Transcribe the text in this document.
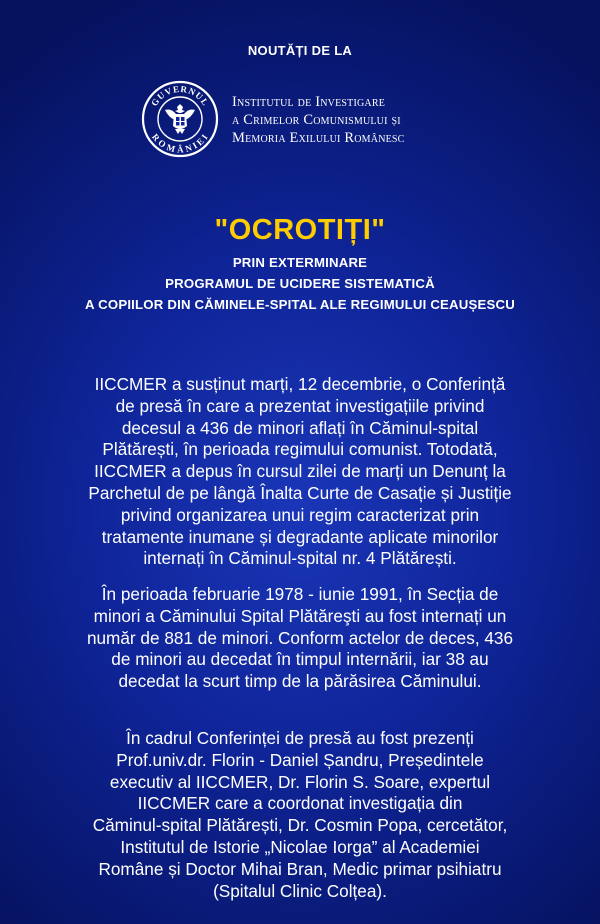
NOUTĂȚI DE LA
GUVERNUL
ROMÂNIEI
Institutul de Investigare
a Crimelor Comunismului și
Memoria Exilului Românesc
"OCROTIȚI"
PRIN EXTERMINARE
PROGRAMUL DE UCIDERE SISTEMATICĂ
A COPIILOR DIN CĂMINELE-SPITAL ALE REGIMULUI CEAUȘESCU
IICCMER a susținut marți, 12 decembrie, o Conferință
de presă în care a prezentat investigațiile privind
decesul a 436 de minori aflați în Căminul-spital
Plătărești, în perioada regimului comunist. Totodată,
IICCMER a depus în cursul zilei de marți un Denunț la
Parchetul de pe lângă Înalta Curte de Casație și Justiție
privind organizarea unui regim caracterizat prin
tratamente inumane și degradante aplicate minorilor
internați în Căminul-spital nr. 4 Plătărești.
În perioada februarie 1978 - iunie 1991, în Secția de
minori a Căminului Spital Plătăreşti au fost internați un
număr de 881 de minori. Conform actelor de deces, 436
de minori au decedat în timpul internării, iar 38 au
decedat la scurt timp de la părăsirea Căminului.
În cadrul Conferinței de presă au fost prezenți
Prof.univ.dr. Florin - Daniel Șandru, Președintele
executiv al IICCMER, Dr. Florin S. Soare, expertul
IICCMER care a coordonat investigația din
Căminul-spital Plătărești, Dr. Cosmin Popa, cercetător,
Institutul de Istorie „Nicolae Iorga” al Academiei
Române și Doctor Mihai Bran, Medic primar psihiatru
(Spitalul Clinic Colțea).
